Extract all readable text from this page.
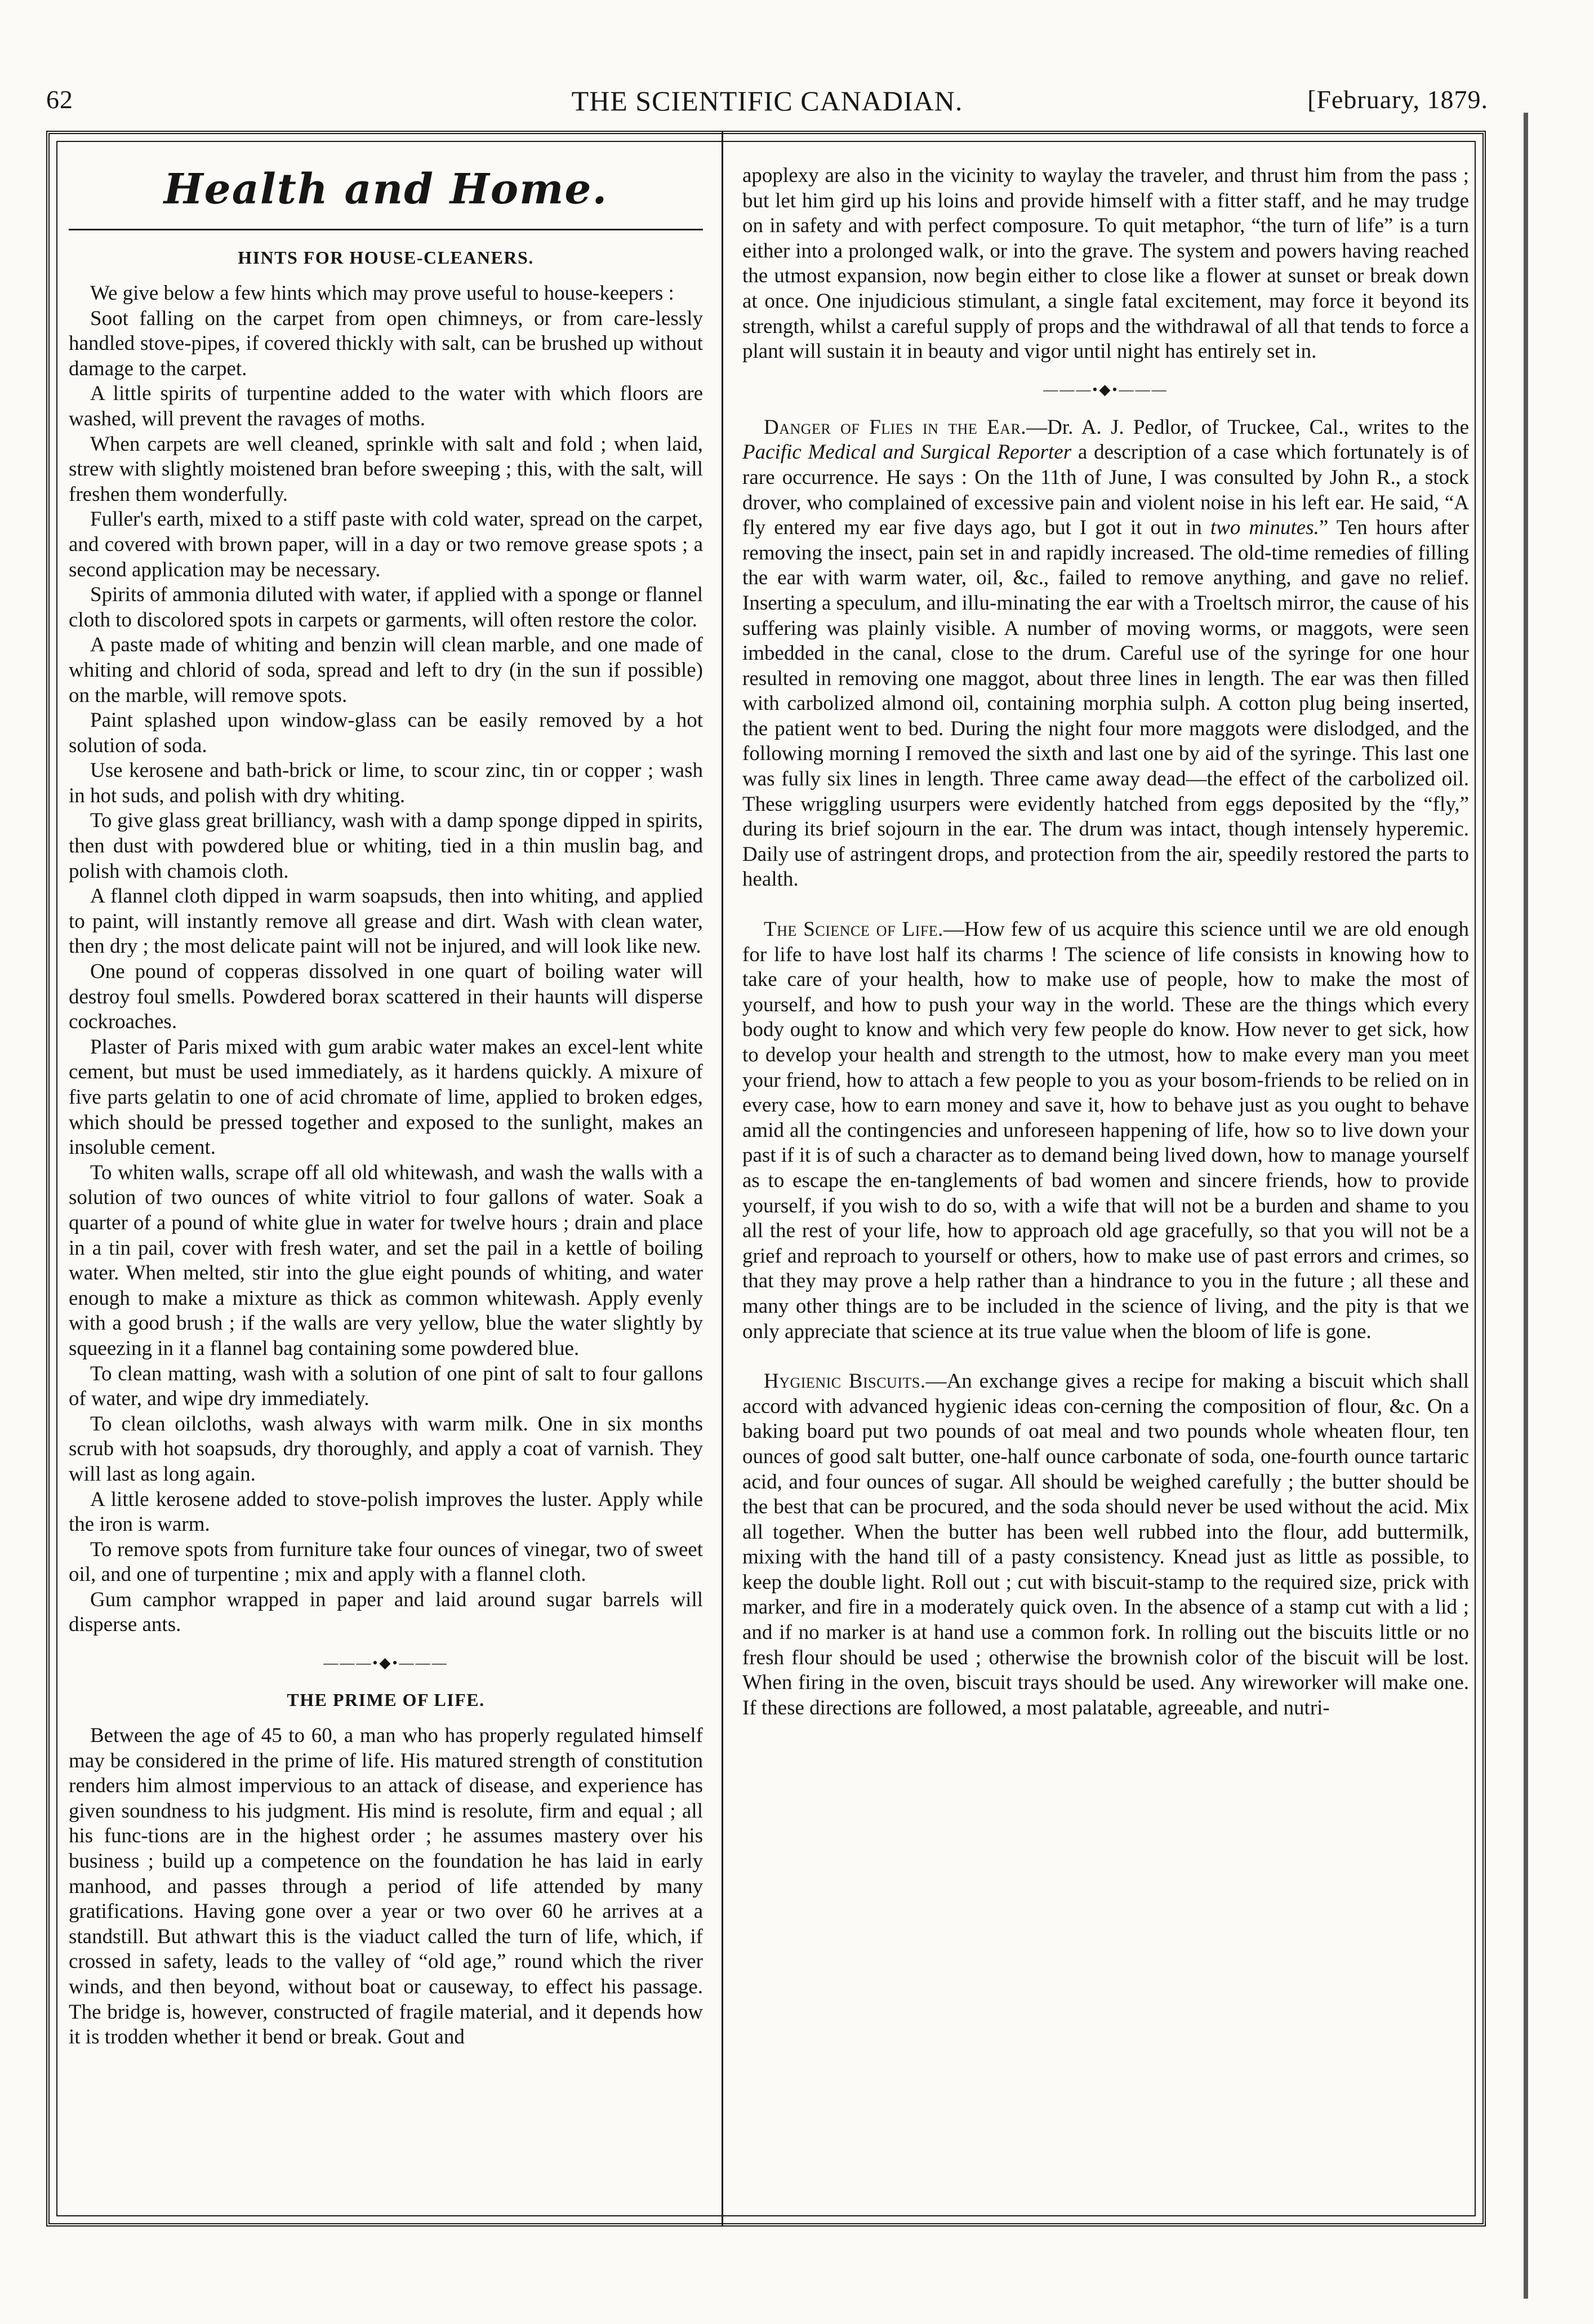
62	THE SCIENTIFIC CANADIAN.	[February, 1879.
Health and Home.
HINTS FOR HOUSE-CLEANERS.

We give below a few hints which may prove useful to house-keepers :

Soot falling on the carpet from open chimneys, or from care-lessly handled stove-pipes, if covered thickly with salt, can be brushed up without damage to the carpet.

A little spirits of turpentine added to the water with which floors are washed, will prevent the ravages of moths.

When carpets are well cleaned, sprinkle with salt and fold ; when laid, strew with slightly moistened bran before sweeping ; this, with the salt, will freshen them wonderfully.

Fuller's earth, mixed to a stiff paste with cold water, spread on the carpet, and covered with brown paper, will in a day or two remove grease spots ; a second application may be necessary.

Spirits of ammonia diluted with water, if applied with a sponge or flannel cloth to discolored spots in carpets or garments, will often restore the color.

A paste made of whiting and benzin will clean marble, and one made of whiting and chlorid of soda, spread and left to dry (in the sun if possible) on the marble, will remove spots.

Paint splashed upon window-glass can be easily removed by a hot solution of soda.

Use kerosene and bath-brick or lime, to scour zinc, tin or copper ; wash in hot suds, and polish with dry whiting.

To give glass great brilliancy, wash with a damp sponge dipped in spirits, then dust with powdered blue or whiting, tied in a thin muslin bag, and polish with chamois cloth.

A flannel cloth dipped in warm soapsuds, then into whiting, and applied to paint, will instantly remove all grease and dirt. Wash with clean water, then dry ; the most delicate paint will not be injured, and will look like new.

One pound of copperas dissolved in one quart of boiling water will destroy foul smells. Powdered borax scattered in their haunts will disperse cockroaches.

Plaster of Paris mixed with gum arabic water makes an excel-lent white cement, but must be used immediately, as it hardens quickly. A mixure of five parts gelatin to one of acid chromate of lime, applied to broken edges, which should be pressed together and exposed to the sunlight, makes an insoluble cement.

To whiten walls, scrape off all old whitewash, and wash the walls with a solution of two ounces of white vitriol to four gallons of water. Soak a quarter of a pound of white glue in water for twelve hours ; drain and place in a tin pail, cover with fresh water, and set the pail in a kettle of boiling water. When melted, stir into the glue eight pounds of whiting, and water enough to make a mixture as thick as common whitewash. Apply evenly with a good brush ; if the walls are very yellow, blue the water slightly by squeezing in it a flannel bag containing some powdered blue.

To clean matting, wash with a solution of one pint of salt to four gallons of water, and wipe dry immediately.

To clean oilcloths, wash always with warm milk. One in six months scrub with hot soapsuds, dry thoroughly, and apply a coat of varnish. They will last as long again.

A little kerosene added to stove-polish improves the luster. Apply while the iron is warm.

To remove spots from furniture take four ounces of vinegar, two of sweet oil, and one of turpentine ; mix and apply with a flannel cloth.

Gum camphor wrapped in paper and laid around sugar barrels will disperse ants.

———•◆•———
THE PRIME OF LIFE.

Between the age of 45 to 60, a man who has properly regulated himself may be considered in the prime of life. His matured strength of constitution renders him almost impervious to an attack of disease, and experience has given soundness to his judgment. His mind is resolute, firm and equal ; all his func-tions are in the highest order ; he assumes mastery over his business ; build up a competence on the foundation he has laid in early manhood, and passes through a period of life attended by many gratifications. Having gone over a year or two over 60 he arrives at a standstill. But athwart this is the viaduct called the turn of life, which, if crossed in safety, leads to the valley of “old age,” round which the river winds, and then beyond, without boat or causeway, to effect his passage. The bridge is, however, constructed of fragile material, and it depends how it is trodden whether it bend or break. Gout and

apoplexy are also in the vicinity to waylay the traveler, and thrust him from the pass ; but let him gird up his loins and provide himself with a fitter staff, and he may trudge on in safety and with perfect composure. To quit metaphor, “the turn of life” is a turn either into a prolonged walk, or into the grave. The system and powers having reached the utmost expansion, now begin either to close like a flower at sunset or break down at once. One injudicious stimulant, a single fatal excitement, may force it beyond its strength, whilst a careful supply of props and the withdrawal of all that tends to force a plant will sustain it in beauty and vigor until night has entirely set in.

———•◆•———

Danger of Flies in the Ear.—Dr. A. J. Pedlor, of Truckee, Cal., writes to the Pacific Medical and Surgical Reporter a description of a case which fortunately is of rare occurrence. He says : On the 11th of June, I was consulted by John R., a stock drover, who complained of excessive pain and violent noise in his left ear. He said, “A fly entered my ear five days ago, but I got it out in two minutes.” Ten hours after removing the insect, pain set in and rapidly increased. The old-time remedies of filling the ear with warm water, oil, &c., failed to remove anything, and gave no relief. Inserting a speculum, and illu-minating the ear with a Troeltsch mirror, the cause of his suffering was plainly visible. A number of moving worms, or maggots, were seen imbedded in the canal, close to the drum. Careful use of the syringe for one hour resulted in removing one maggot, about three lines in length. The ear was then filled with carbolized almond oil, containing morphia sulph. A cotton plug being inserted, the patient went to bed. During the night four more maggots were dislodged, and the following morning I removed the sixth and last one by aid of the syringe. This last one was fully six lines in length. Three came away dead—the effect of the carbolized oil. These wriggling usurpers were evidently hatched from eggs deposited by the “fly,” during its brief sojourn in the ear. The drum was intact, though intensely hyperemic. Daily use of astringent drops, and protection from the air, speedily restored the parts to health.

The Science of Life.—How few of us acquire this science until we are old enough for life to have lost half its charms ! The science of life consists in knowing how to take care of your health, how to make use of people, how to make the most of yourself, and how to push your way in the world. These are the things which every body ought to know and which very few people do know. How never to get sick, how to develop your health and strength to the utmost, how to make every man you meet your friend, how to attach a few people to you as your bosom-friends to be relied on in every case, how to earn money and save it, how to behave just as you ought to behave amid all the contingencies and unforeseen happening of life, how so to live down your past if it is of such a character as to demand being lived down, how to manage yourself as to escape the en-tanglements of bad women and sincere friends, how to provide yourself, if you wish to do so, with a wife that will not be a burden and shame to you all the rest of your life, how to approach old age gracefully, so that you will not be a grief and reproach to yourself or others, how to make use of past errors and crimes, so that they may prove a help rather than a hindrance to you in the future ; all these and many other things are to be included in the science of living, and the pity is that we only appreciate that science at its true value when the bloom of life is gone.

Hygienic Biscuits.—An exchange gives a recipe for making a biscuit which shall accord with advanced hygienic ideas con-cerning the composition of flour, &c. On a baking board put two pounds of oat meal and two pounds whole wheaten flour, ten ounces of good salt butter, one-half ounce carbonate of soda, one-fourth ounce tartaric acid, and four ounces of sugar. All should be weighed carefully ; the butter should be the best that can be procured, and the soda should never be used without the acid. Mix all together. When the butter has been well rubbed into the flour, add buttermilk, mixing with the hand till of a pasty consistency. Knead just as little as possible, to keep the double light. Roll out ; cut with biscuit-stamp to the required size, prick with marker, and fire in a moderately quick oven. In the absence of a stamp cut with a lid ; and if no marker is at hand use a common fork. In rolling out the biscuits little or no fresh flour should be used ; otherwise the brownish color of the biscuit will be lost. When firing in the oven, biscuit trays should be used. Any wireworker will make one. If these directions are followed, a most palatable, agreeable, and nutri-
